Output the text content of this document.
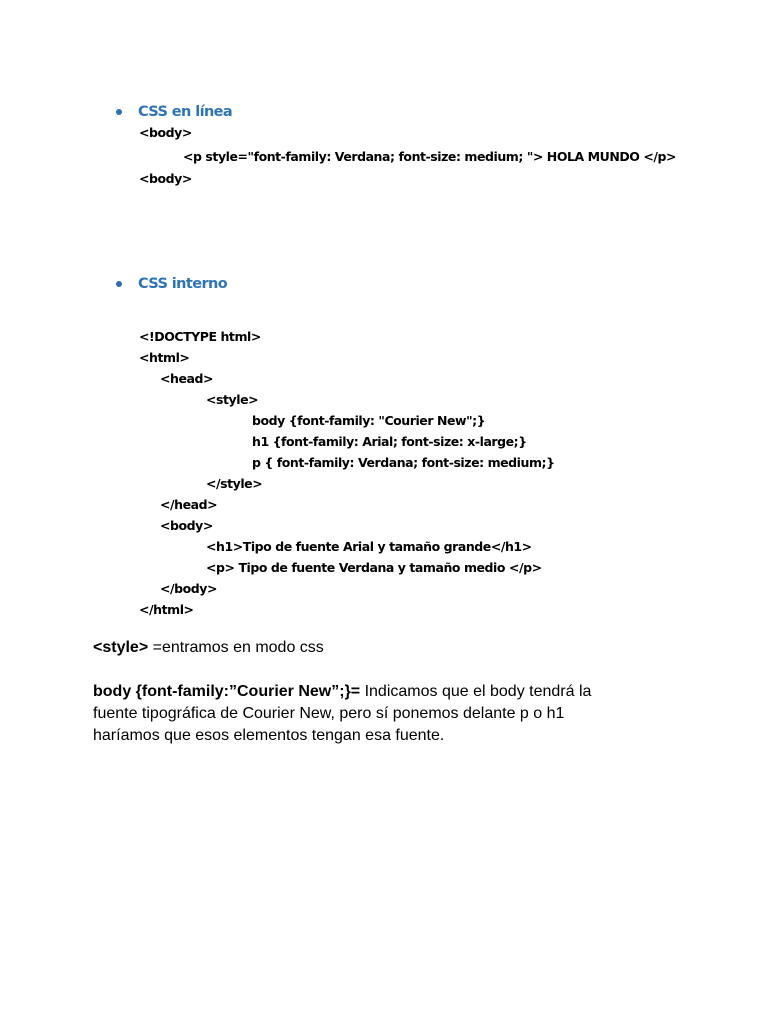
CSS en línea
<body>
<p style="font-family: Verdana; font-size: medium; "> HOLA MUNDO </p>
<body>
CSS interno
<!DOCTYPE html>
<html>
<head>
<style>
body {font-family: "Courier New";}
h1 {font-family: Arial; font-size: x-large;}
p { font-family: Verdana; font-size: medium;}
</style>
</head>
<body>
<h1>Tipo de fuente Arial y tamaño grande</h1>
<p> Tipo de fuente Verdana y tamaño medio </p>
</body>
</html>
<style> =entramos en modo css
body {font-family:”Courier New”;}= Indicamos que el body tendrá la
fuente tipográfica de Courier New, pero sí ponemos delante p o h1
haríamos que esos elementos tengan esa fuente.
